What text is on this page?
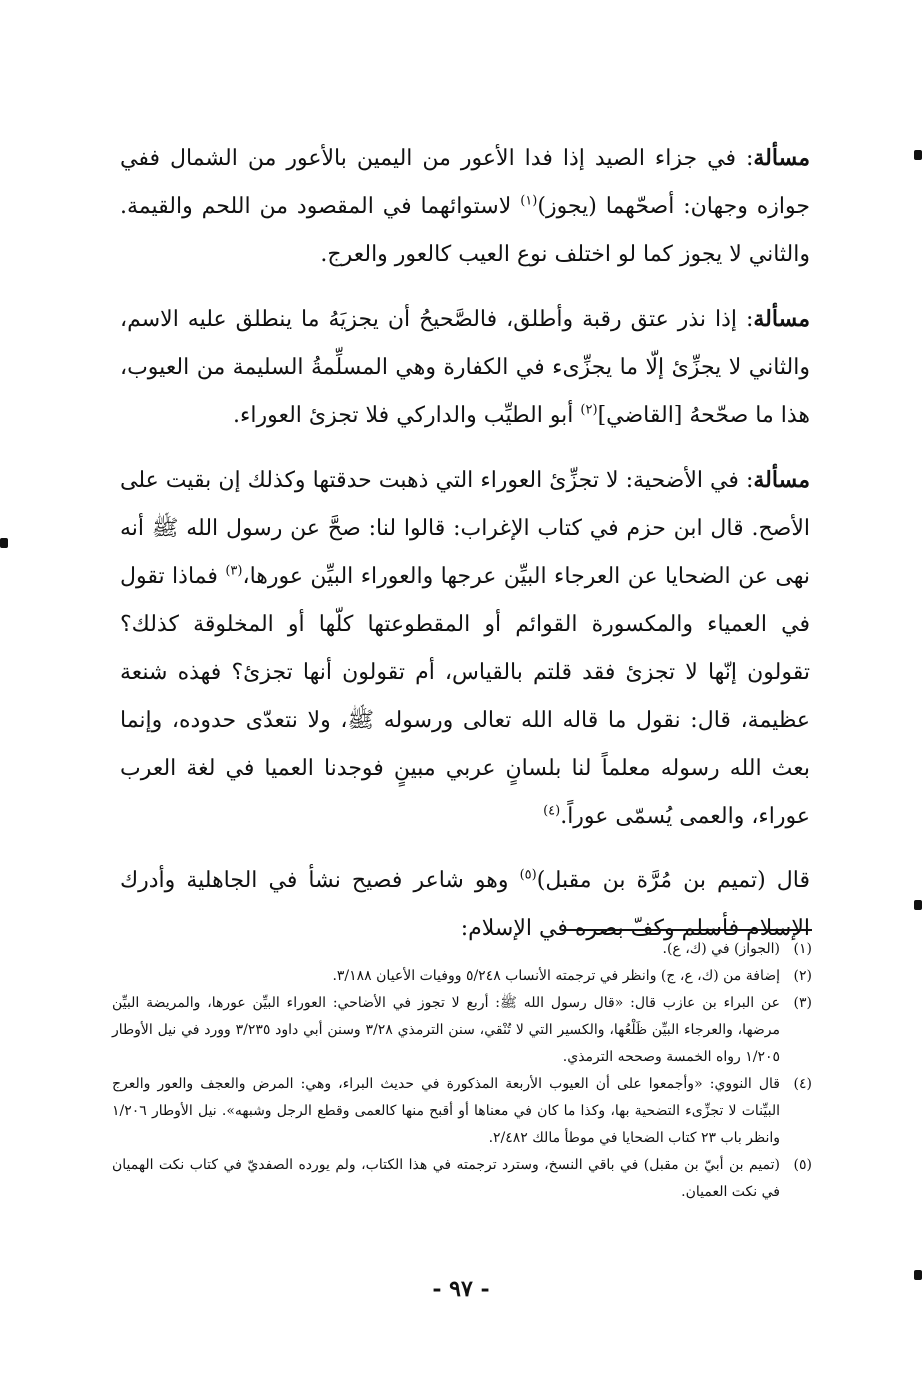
مسألة: في جزاء الصيد إذا فدا الأعور من اليمين بالأعور من الشمال ففي جوازه وجهان: أصحّهما (يجوز)$^{(١)}$ لاستوائهما في المقصود من اللحم والقيمة. والثاني لا يجوز كما لو اختلف نوع العيب كالعور والعرج.

مسألة: إذا نذر عتق رقبة وأطلق، فالصَّحيحُ أن يجزيَهُ ما ينطلق عليه الاسم، والثاني لا يجزِّئ إلّا ما يجزِّىء في الكفارة وهي المسلِّمةُ السليمة من العيوب، هذا ما صحّحهُ [القاضي]$^{(٢)}$ أبو الطيِّب والداركي فلا تجزئ العوراء.

مسألة: في الأضحية: لا تجزِّئ العوراء التي ذهبت حدقتها وكذلك إن بقيت على الأصح. قال ابن حزم في كتاب الإغراب: قالوا لنا: صحَّ عن رسول الله ﷺ أنه نهى عن الضحايا عن العرجاء البيِّن عرجها والعوراء البيِّن عورها،$^{(٣)}$ فماذا تقول في العمياء والمكسورة القوائم أو المقطوعتها كلّها أو المخلوقة كذلك؟ تقولون إنّها لا تجزئ فقد قلتم بالقياس، أم تقولون أنها تجزئ؟ فهذه شنعة عظيمة، قال: نقول ما قاله الله تعالى ورسوله ﷺ، ولا نتعدّى حدوده، وإنما بعث الله رسوله معلماً لنا بلسانٍ عربي مبينٍ فوجدنا العميا في لغة العرب عوراء، والعمى يُسمّى عوراً.$^{(٤)}$

قال (تميم بن مُرَّة بن مقبل)$^{(٥)}$ وهو شاعر فصيح نشأ في الجاهلية وأدرك الإسلام فأسلم وكفّ بصره في الإسلام:

(١)
(الجواز) في (ك، ع).
(٢)
إضافة من (ك، ع، ج) وانظر في ترجمته الأنساب ٥/٢٤٨ ووفيات الأعيان ٣/١٨٨.
(٣)
عن البراء بن عازب قال: «قال رسول الله ﷺ: أربع لا تجوز في الأضاحي: العوراء البيِّن عورها، والمريضة البيِّن مرضها، والعرجاء البيِّن ظَلْعُها، والكسير التي لا تُنْقي، سنن الترمذي ٣/٢٨ وسنن أبي داود ٣/٢٣٥ وورد في نيل الأوطار ١/٢٠٥ رواه الخمسة وصححه الترمذي.
(٤)
قال النووي: «وأجمعوا على أن العيوب الأربعة المذكورة في حديث البراء، وهي: المرض والعجف والعور والعرج البيِّنات لا تجزِّىء التضحية بها، وكذا ما كان في معناها أو أقبح منها كالعمى وقطع الرجل وشبهه». نيل الأوطار ١/٢٠٦ وانظر باب ٢٣ كتاب الضحايا في موطأ مالك ٢/٤٨٢.
(٥)
(تميم بن أبيّ بن مقبل) في باقي النسخ، وسترد ترجمته في هذا الكتاب، ولم يورده الصفديّ في كتاب نكت الهميان في نكت العميان.
- ٩٧ -
